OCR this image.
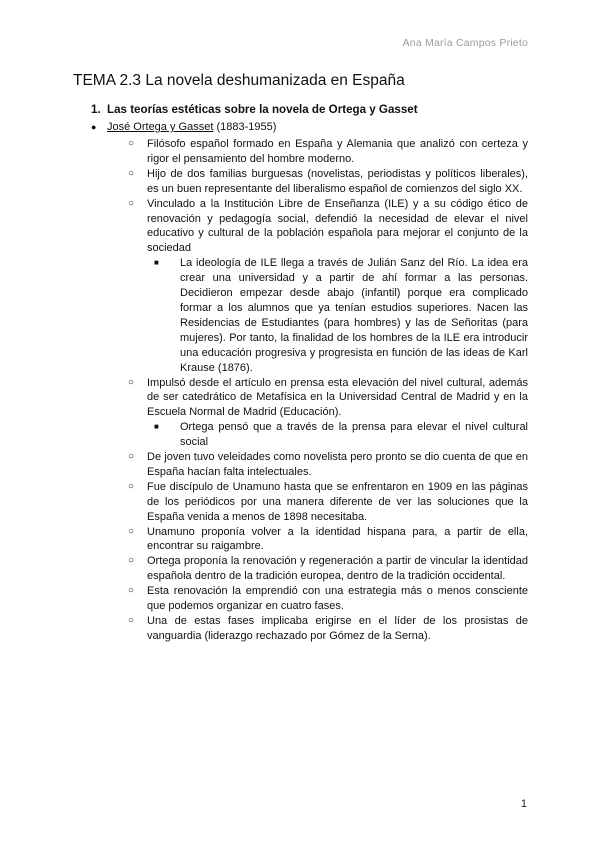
Ana María Campos Prieto
TEMA 2.3 La novela deshumanizada en España
1. Las teorías estéticas sobre la novela de Ortega y Gasset
● José Ortega y Gasset (1883-1955)
○ Filósofo español formado en España y Alemania que analizó con certeza y rigor el pensamiento del hombre moderno.
○ Hijo de dos familias burguesas (novelistas, periodistas y políticos liberales), es un buen representante del liberalismo español de comienzos del siglo XX.
○ Vinculado a la Institución Libre de Enseñanza (ILE) y a su código ético de renovación y pedagogía social, defendió la necesidad de elevar el nivel educativo y cultural de la población española para mejorar el conjunto de la sociedad
■ La ideología de ILE llega a través de Julián Sanz del Río. La idea era crear una universidad y a partir de ahí formar a las personas. Decidieron empezar desde abajo (infantil) porque era complicado formar a los alumnos que ya tenían estudios superiores. Nacen las Residencias de Estudiantes (para hombres) y las de Señoritas (para mujeres). Por tanto, la finalidad de los hombres de la ILE era introducir una educación progresiva y progresista en función de las ideas de Karl Krause (1876).
○ Impulsó desde el artículo en prensa esta elevación del nivel cultural, además de ser catedrático de Metafísica en la Universidad Central de Madrid y en la Escuela Normal de Madrid (Educación).
■ Ortega pensó que a través de la prensa para elevar el nivel cultural social
○ De joven tuvo veleidades como novelista pero pronto se dio cuenta de que en España hacían falta intelectuales.
○ Fue discípulo de Unamuno hasta que se enfrentaron en 1909 en las páginas de los periódicos por una manera diferente de ver las soluciones que la España venida a menos de 1898 necesitaba.
○ Unamuno proponía volver a la identidad hispana para, a partir de ella, encontrar su raigambre.
○ Ortega proponía la renovación y regeneración a partir de vincular la identidad española dentro de la tradición europea, dentro de la tradición occidental.
○ Esta renovación la emprendió con una estrategia más o menos consciente que podemos organizar en cuatro fases.
○ Una de estas fases implicaba erigirse en el líder de los prosistas de vanguardia (liderazgo rechazado por Gómez de la Serna).
1
